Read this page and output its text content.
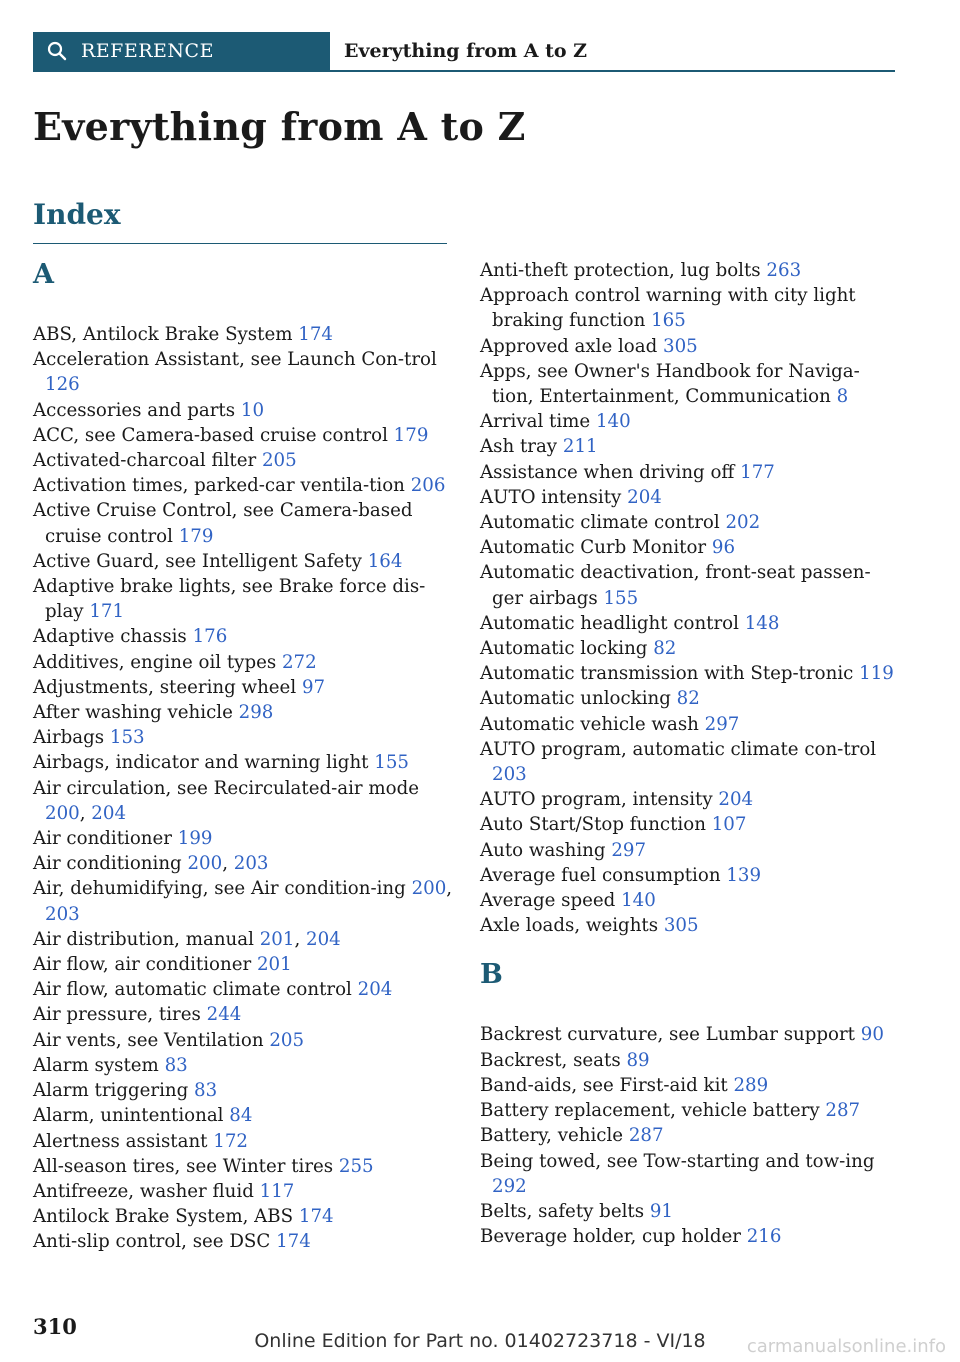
REFERENCE	Everything from A to Z
Everything from A to Z
Index
A
ABS, Antilock Brake System 174
Acceleration Assistant, see Launch Con‐trol 126
Accessories and parts 10
ACC, see Camera-based cruise control 179
Activated-charcoal filter 205
Activation times, parked-car ventila‐tion 206
Active Cruise Control, see Camera-based cruise control 179
Active Guard, see Intelligent Safety 164
Adaptive brake lights, see Brake force dis‐play 171
Adaptive chassis 176
Additives, engine oil types 272
Adjustments, steering wheel 97
After washing vehicle 298
Airbags 153
Airbags, indicator and warning light 155
Air circulation, see Recirculated-air mode 200, 204
Air conditioner 199
Air conditioning 200, 203
Air, dehumidifying, see Air condition‐ing 200, 203
Air distribution, manual 201, 204
Air flow, air conditioner 201
Air flow, automatic climate control 204
Air pressure, tires 244
Air vents, see Ventilation 205
Alarm system 83
Alarm triggering 83
Alarm, unintentional 84
Alertness assistant 172
All-season tires, see Winter tires 255
Antifreeze, washer fluid 117
Antilock Brake System, ABS 174
Anti-slip control, see DSC 174
Anti-theft protection, lug bolts 263
Approach control warning with city light braking function 165
Approved axle load 305
Apps, see Owner's Handbook for Naviga‐tion, Entertainment, Communication 8
Arrival time 140
Ash tray 211
Assistance when driving off 177
AUTO intensity 204
Automatic climate control 202
Automatic Curb Monitor 96
Automatic deactivation, front-seat passen‐ger airbags 155
Automatic headlight control 148
Automatic locking 82
Automatic transmission with Step‐tronic 119
Automatic unlocking 82
Automatic vehicle wash 297
AUTO program, automatic climate con‐trol 203
AUTO program, intensity 204
Auto Start/Stop function 107
Auto washing 297
Average fuel consumption 139
Average speed 140
Axle loads, weights 305
B
Backrest curvature, see Lumbar support 90
Backrest, seats 89
Band-aids, see First-aid kit 289
Battery replacement, vehicle battery 287
Battery, vehicle 287
Being towed, see Tow-starting and tow‐ing 292
Belts, safety belts 91
Beverage holder, cup holder 216
310
Online Edition for Part no. 01402723718 - VI/18	carmanualsonline.info
